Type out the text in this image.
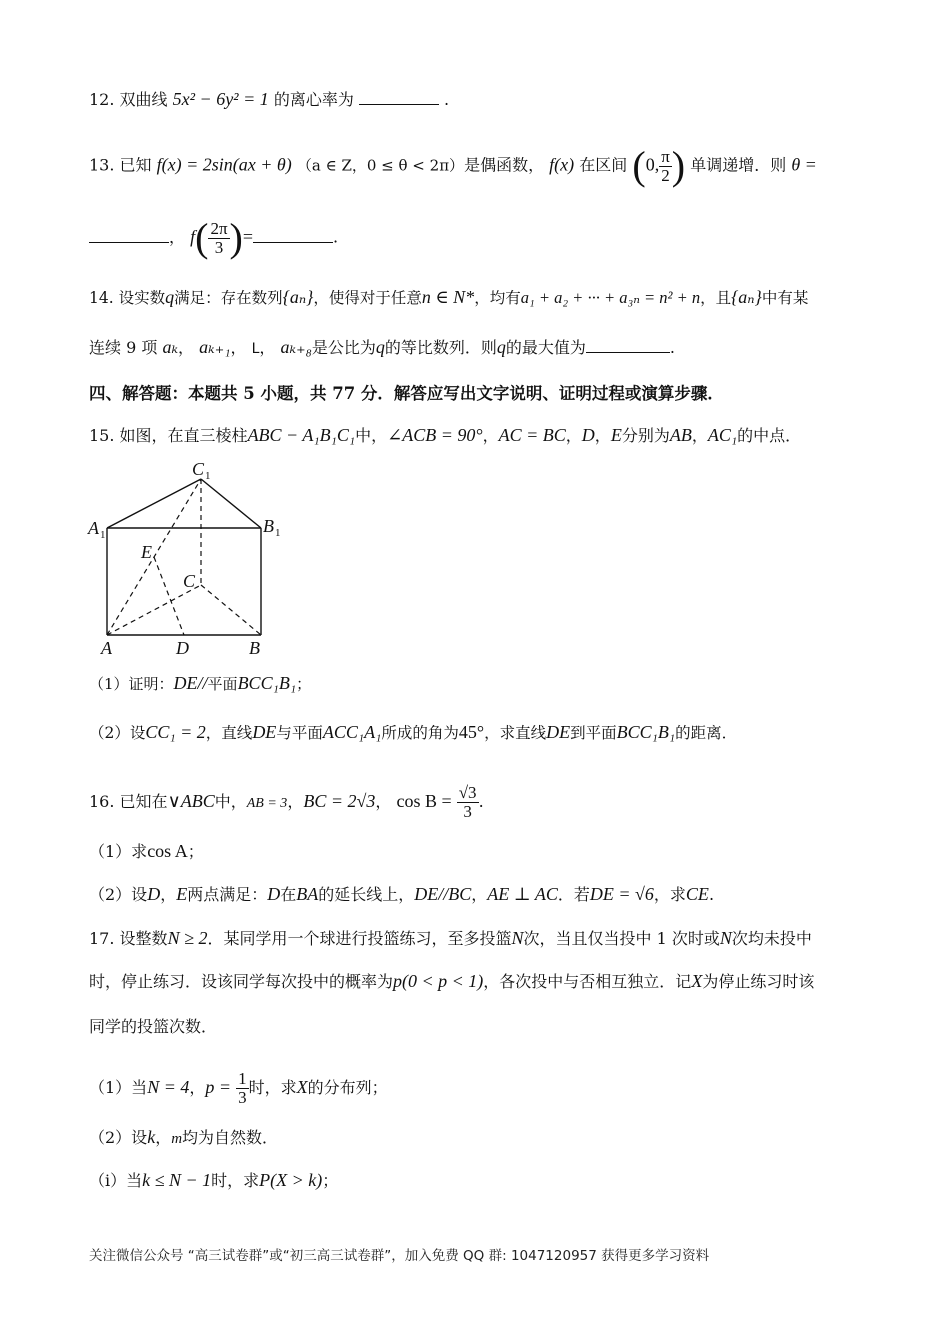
12. 双曲线 5x² − 6y² = 1 的离心率为	.
13. 已知 f(x) = 2sin(ax + θ) （a ∈ Z，0 ≤ θ < 2π）是偶函数， f(x) 在区间 (0, $\frac{\pi}{2}$ ) 单调递增．则 θ =
， $f( \frac{2\pi}{3}$ )=	.
14. 设实数q满足：存在数列{aₙ}，使得对于任意n ∈ N*，均有a₁ + a₂ + ··· + a₃ₙ = n² + n，且{aₙ}中有某
连续 9 项 aₖ， aₖ₊₁， L， aₖ₊₈是公比为q的等比数列．则q的最大值为	.
四、解答题：本题共 5 小题，共 77 分．解答应写出文字说明、证明过程或演算步骤．
15. 如图，在直三棱柱ABC − A₁B₁C₁中，∠ACB = 90°，AC = BC，D，E分别为AB，AC₁的中点．
C 1
A 1	B 1
E
C
A	D	B
（1）证明：DE//平面BCC₁B₁；
（2）设CC₁ = 2，直线DE与平面ACC₁A₁所成的角为45°，求直线DE到平面BCC₁B₁的距离．
16. 已知在∨ABC中，AB = 3，BC = 2√3， $\cos B = \frac{√3}{3}$ .
（1）求cos A；
（2）设D，E两点满足：D在BA的延长线上，DE//BC，AE ⊥ AC．若DE = √6，求CE.
17. 设整数N ≥ 2．某同学用一个球进行投篮练习，至多投篮N次，当且仅当投中 1 次时或N次均未投中
时，停止练习．设该同学每次投中的概率为p(0 < p < 1)，各次投中与否相互独立．记X为停止练习时该
同学的投篮次数．
（1）当N = 4，$p = \frac{1}{3}$ 时，求X的分布列；
（2）设k，m均为自然数．
（i）当k ≤ N − 1时，求P(X > k)；
关注微信公众号 “高三试卷群”或“初三高三试卷群”，加入免费 QQ 群: 1047120957 获得更多学习资料
